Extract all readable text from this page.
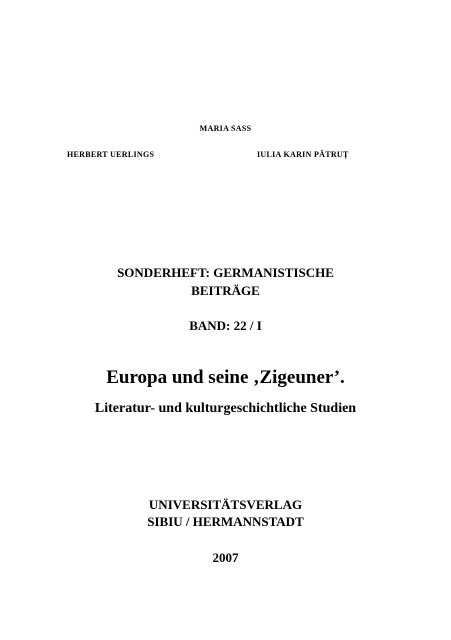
MARIA SASS
HERBERT UERLINGS	IULIA KARIN PĂTRUȚ
SONDERHEFT: GERMANISTISCHE
BEITRÄGE
BAND: 22 / I
Europa und seine ‚Zigeuner’.
Literatur- und kulturgeschichtliche Studien
UNIVERSITÄTSVERLAG
SIBIU / HERMANNSTADT
2007
